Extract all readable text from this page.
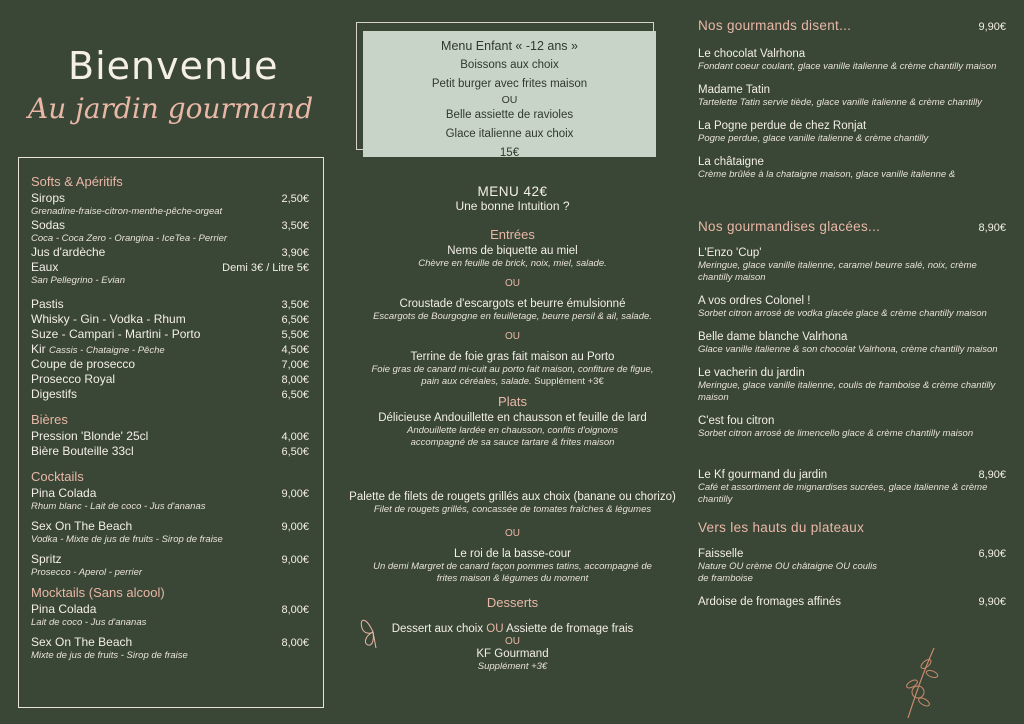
Bienvenue
Au jardin gourmand
Softs & Apéritifs
Sirops	2,50€
Grenadine-fraise-citron-menthe-pêche-orgeat
Sodas	3,50€
Coca - Coca Zero - Orangina - IceTea - Perrier
Jus d'ardèche	3,90€
Eaux	Demi 3€ / Litre 5€
San Pellegrino - Evian
Pastis	3,50€
Whisky - Gin - Vodka - Rhum	6,50€
Suze - Campari - Martini - Porto	5,50€
Kir Cassis - Chataigne - Pêche	4,50€
Coupe de prosecco	7,00€
Prosecco Royal	8,00€
Digestifs	6,50€
Bières
Pression 'Blonde' 25cl	4,00€
Bière Bouteille 33cl	6,50€
Cocktails
Pina Colada	9,00€
Rhum blanc - Lait de coco - Jus d'ananas
Sex On The Beach	9,00€
Vodka - Mixte de jus de fruits - Sirop de fraise
Spritz	9,00€
Prosecco - Aperol - perrier
Mocktails (Sans alcool)
Pina Colada	8,00€
Lait de coco - Jus d'ananas
Sex On The Beach	8,00€
Mixte de jus de fruits - Sirop de fraise
Menu Enfant « -12 ans »
Boissons aux choix
Petit burger avec frites maison
OU
Belle assiette de ravioles
Glace italienne aux choix
15€
MENU 42€
Une bonne Intuition ?
Entrées
Nems de biquette au miel
Chèvre en feuille de brick, noix, miel, salade.
OU
Croustade d'escargots et beurre émulsionné
Escargots de Bourgogne en feuilletage, beurre persil & ail, salade.
OU
Terrine de foie gras fait maison au Porto
Foie gras de canard mi-cuit au porto fait maison, confiture de figue, pain aux céréales, salade. Supplément +3€
Plats
Délicieuse Andouillette en chausson et feuille de lard
Andouillette lardée en chausson, confits d'oignons accompagné de sa sauce tartare & frites maison
Palette de filets de rougets grillés aux choix (banane ou chorizo)
Filet de rougets grillés, concassée de tomates fraîches & légumes
OU
Le roi de la basse-cour
Un demi Margret de canard façon pommes tatins, accompagné de frites maison & légumes du moment
Desserts
Dessert aux choix OU Assiette de fromage frais
OU
KF Gourmand
Supplément +3€
Nos gourmands disent...	9,90€
Le chocolat Valrhona
Fondant coeur coulant, glace vanille italienne & crème chantilly maison
Madame Tatin
Tartelette Tatin servie tiède, glace vanille italienne & crème chantilly
La Pogne perdue de chez Ronjat
Pogne perdue, glace vanille italienne & crème chantilly
La châtaigne
Crème brûlée à la chataigne maison, glace vanille italienne &
Nos gourmandises glacées...	8,90€
L'Enzo 'Cup'
Meringue, glace vanille italienne, caramel beurre salé, noix, crème chantilly maison
A vos ordres Colonel !
Sorbet citron arrosé de vodka glacée glace & crème chantilly maison
Belle dame blanche Valrhona
Glace vanille italienne & son chocolat Valrhona, crème chantilly maison
Le vacherin du jardin
Meringue, glace vanille italienne, coulis de framboise & crème chantilly maison
C'est fou citron
Sorbet citron arrosé de limencello glace & crème chantilly maison
Le Kf gourmand du jardin	8,90€
Café et assortiment de mignardises sucrées, glace italienne & crème chantilly
Vers les hauts du plateaux
Faisselle	6,90€
Nature OU crème OU châtaigne OU coulis de framboise
Ardoise de fromages affinés	9,90€
